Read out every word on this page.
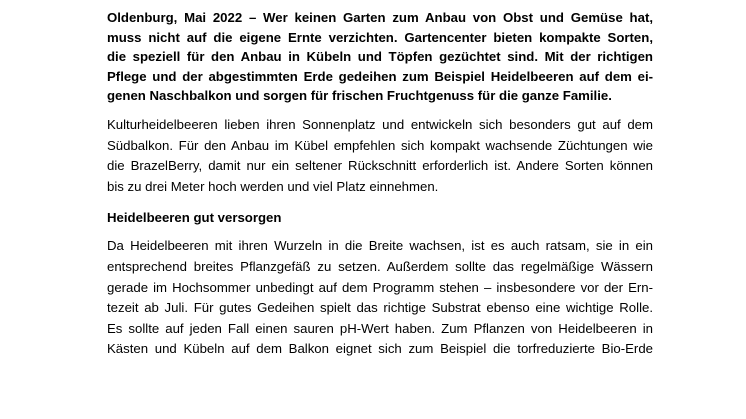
Oldenburg, Mai 2022 – Wer keinen Garten zum Anbau von Obst und Gemüse hat,
muss nicht auf die eigene Ernte verzichten. Gartencenter bieten kompakte Sorten,
die speziell für den Anbau in Kübeln und Töpfen gezüchtet sind. Mit der richtigen
Pflege und der abgestimmten Erde gedeihen zum Beispiel Heidelbeeren auf dem ei-
genen Naschbalkon und sorgen für frischen Fruchtgenuss für die ganze Familie.

Kulturheidelbeeren lieben ihren Sonnenplatz und entwickeln sich besonders gut auf dem
Südbalkon. Für den Anbau im Kübel empfehlen sich kompakt wachsende Züchtungen wie
die BrazelBerry, damit nur ein seltener Rückschnitt erforderlich ist. Andere Sorten können
bis zu drei Meter hoch werden und viel Platz einnehmen.

Heidelbeeren gut versorgen

Da Heidelbeeren mit ihren Wurzeln in die Breite wachsen, ist es auch ratsam, sie in ein
entsprechend breites Pflanzgefäß zu setzen. Außerdem sollte das regelmäßige Wässern
gerade im Hochsommer unbedingt auf dem Programm stehen – insbesondere vor der Ern-
tezeit ab Juli. Für gutes Gedeihen spielt das richtige Substrat ebenso eine wichtige Rolle.
Es sollte auf jeden Fall einen sauren pH-Wert haben. Zum Pflanzen von Heidelbeeren in
Kästen und Kübeln auf dem Balkon eignet sich zum Beispiel die torfreduzierte Bio-Erde
